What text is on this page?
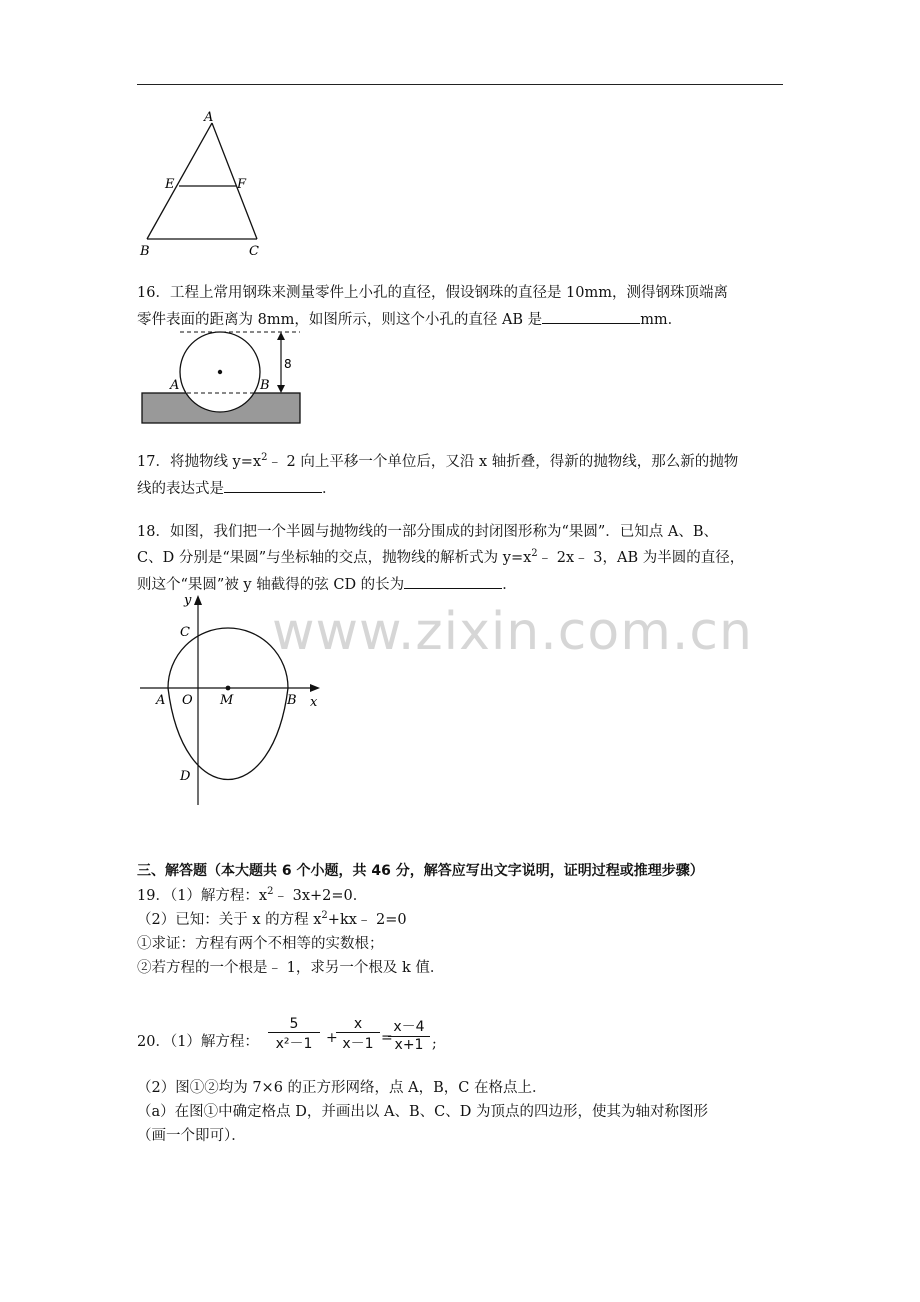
www.zixin.com.cn
A
E	F
B	C
16．工程上常用钢珠来测量零件上小孔的直径，假设钢珠的直径是 10mm，测得钢珠顶端离
零件表面的距离为 8mm，如图所示，则这个小孔的直径 AB 是	mm．
8
A	B
17．将抛物线 $y=x^2﹣$ 2 向上平移一个单位后，又沿 x 轴折叠，得新的抛物线，那么新的抛物
线的表达式是	．
18．如图，我们把一个半圆与抛物线的一部分围成的封闭图形称为“果圆”．已知点 A、B、
C、D 分别是“果圆”与坐标轴的交点，抛物线的解析式为 $y=x^2﹣$ 2x﹣ 3，AB 为半圆的直径，
则这个“果圆”被 y 轴截得的弦 CD 的长为	．
y
x
C
O M
A	B
D
三、解答题（本大题共 6 个小题，共 46 分，解答应写出文字说明，证明过程或推理步骤）
19．（1）解方程：$x^2﹣$ 3x+2=0．
（2）已知：关于 x 的方程 $x^2+kx﹣$ 2=0
①求证：方程有两个不相等的实数根；
②若方程的一个根是﹣ 1，求另一个根及 k 值．
20．（1）解方程： $\frac{5}{\text{x²－1}}$ +
$\frac{x}{x-1}$ =
$\frac{x-4}{x+1}$ ;
（2）图①②均为 7×6 的正方形网络，点 A，B，C 在格点上．
（a）在图①中确定格点 D，并画出以 A、B、C、D 为顶点的四边形，使其为轴对称图形
（画一个即可）．
